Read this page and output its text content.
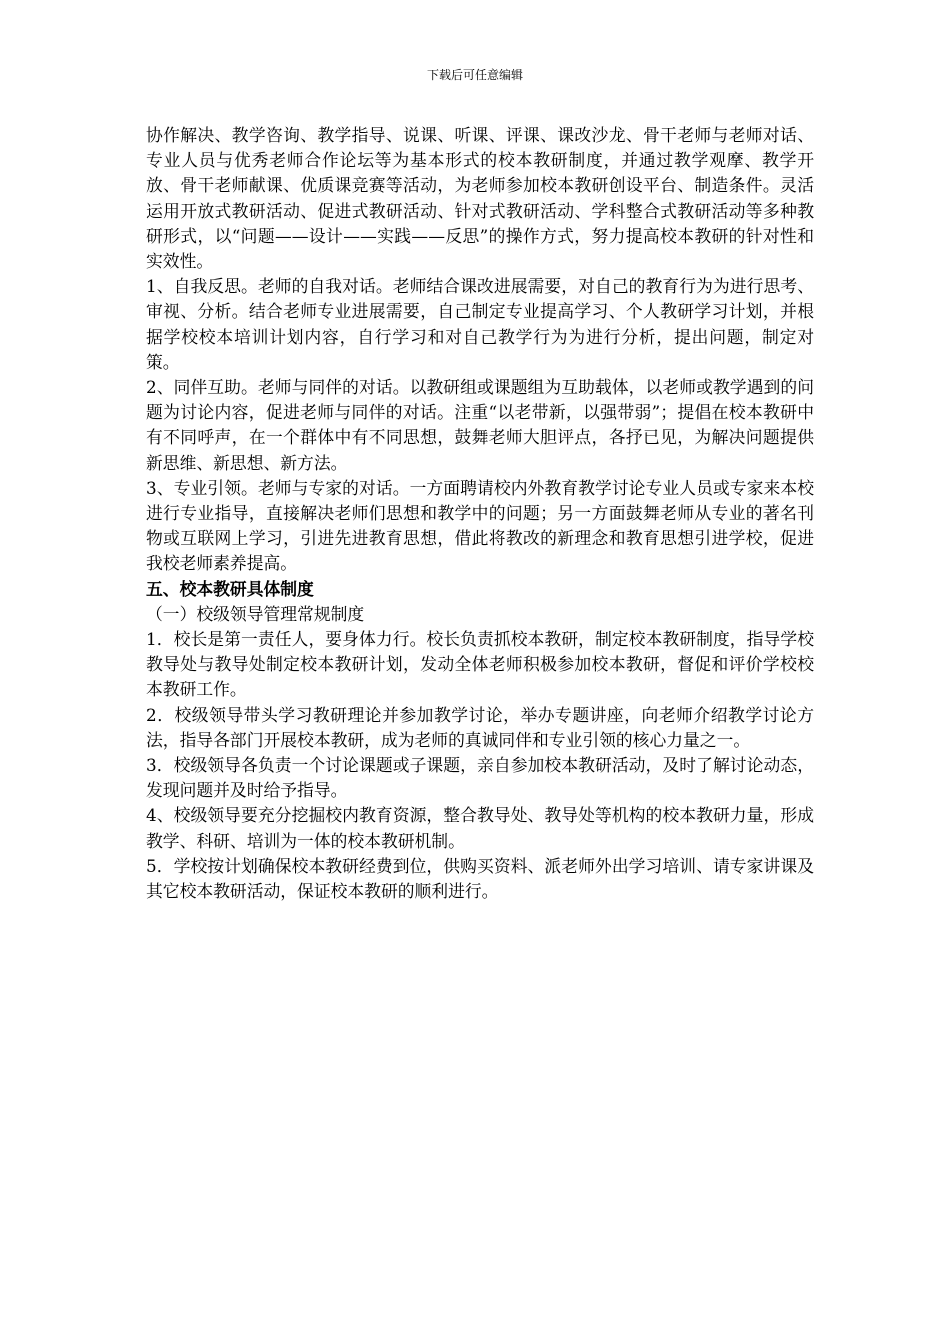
下载后可任意编辑

协作解决、教学咨询、教学指导、说课、听课、评课、课改沙龙、骨干老师与老师对话、专业人员与优秀老师合作论坛等为基本形式的校本教研制度，并通过教学观摩、教学开放、骨干老师献课、优质课竞赛等活动，为老师参加校本教研创设平台、制造条件。灵活运用开放式教研活动、促进式教研活动、针对式教研活动、学科整合式教研活动等多种教研形式，以“问题——设计——实践——反思”的操作方式，努力提高校本教研的针对性和实效性。

1、自我反思。老师的自我对话。老师结合课改进展需要，对自己的教育行为为进行思考、审视、分析。结合老师专业进展需要，自己制定专业提高学习、个人教研学习计划，并根据学校校本培训计划内容，自行学习和对自己教学行为为进行分析，提出问题，制定对策。

2、同伴互助。老师与同伴的对话。以教研组或课题组为互助载体，以老师或教学遇到的问题为讨论内容，促进老师与同伴的对话。注重“以老带新，以强带弱”；提倡在校本教研中有不同呼声，在一个群体中有不同思想，鼓舞老师大胆评点，各抒已见，为解决问题提供新思维、新思想、新方法。

3、专业引领。老师与专家的对话。一方面聘请校内外教育教学讨论专业人员或专家来本校进行专业指导，直接解决老师们思想和教学中的问题；另一方面鼓舞老师从专业的著名刊物或互联网上学习，引进先进教育思想，借此将教改的新理念和教育思想引进学校，促进我校老师素养提高。

五、校本教研具体制度

（一）校级领导管理常规制度

1．校长是第一责任人，要身体力行。校长负责抓校本教研，制定校本教研制度，指导学校教导处与教导处制定校本教研计划，发动全体老师积极参加校本教研，督促和评价学校校本教研工作。

2．校级领导带头学习教研理论并参加教学讨论，举办专题讲座，向老师介绍教学讨论方法，指导各部门开展校本教研，成为老师的真诚同伴和专业引领的核心力量之一。

3．校级领导各负责一个讨论课题或子课题，亲自参加校本教研活动，及时了解讨论动态，发现问题并及时给予指导。

4、校级领导要充分挖掘校内教育资源，整合教导处、教导处等机构的校本教研力量，形成教学、科研、培训为一体的校本教研机制。

5．学校按计划确保校本教研经费到位，供购买资料、派老师外出学习培训、请专家讲课及其它校本教研活动，保证校本教研的顺利进行。
